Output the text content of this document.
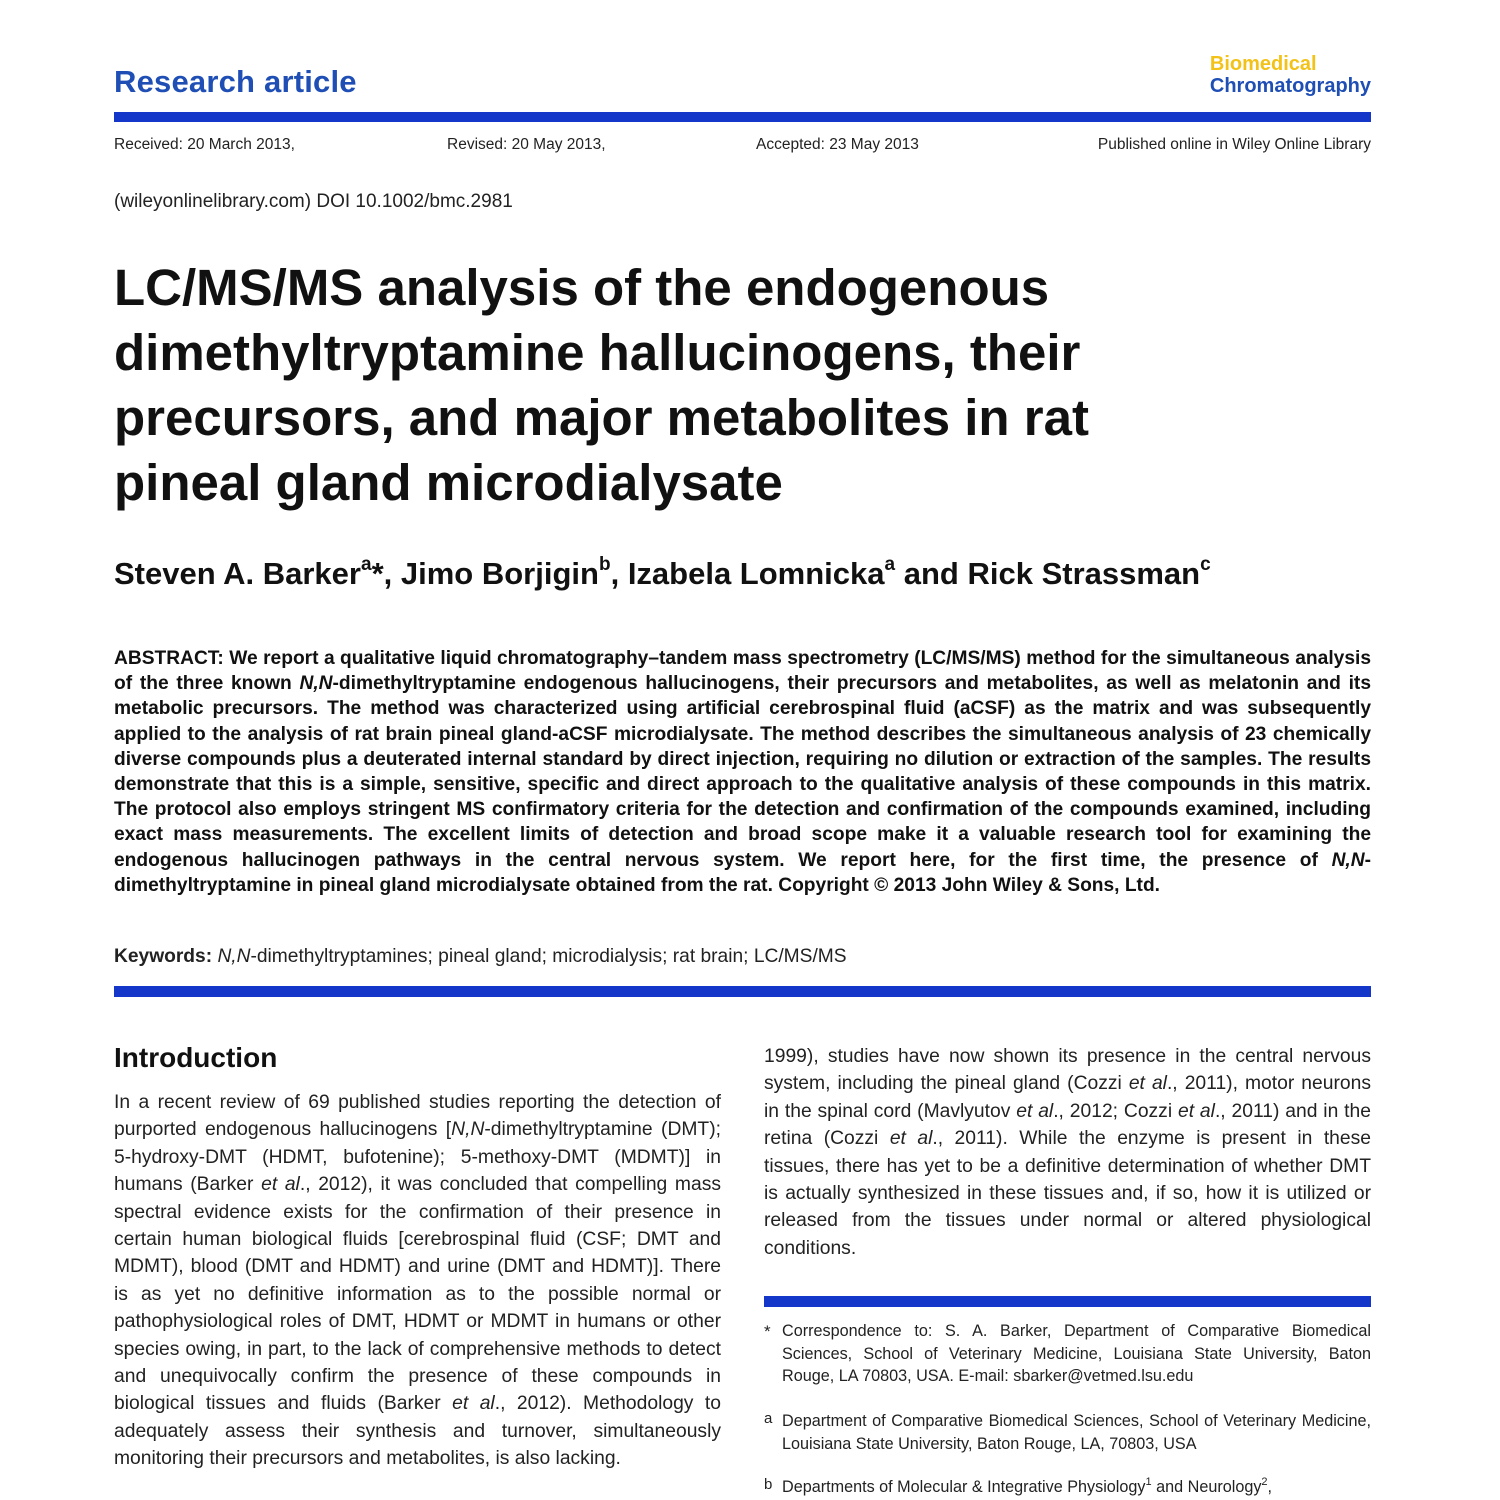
Research article	Biomedical
Chromatography
Received: 20 March 2013,	Revised: 20 May 2013,	Accepted: 23 May 2013	Published online in Wiley Online Library
(wileyonlinelibrary.com) DOI 10.1002/bmc.2981
LC/MS/MS analysis of the endogenous
dimethyltryptamine hallucinogens, their
precursors, and major metabolites in rat
pineal gland microdialysate
Steven A. Barker$^a$*, Jimo Borjigin$^b$, Izabela Lomnicka$^a$ and Rick Strassman$^c$
ABSTRACT: We report a qualitative liquid chromatography–tandem mass spectrometry (LC/MS/MS) method for the simultaneous analysis of the three known N,N-dimethyltryptamine endogenous hallucinogens, their precursors and metabolites, as well as melatonin and its metabolic precursors. The method was characterized using artificial cerebrospinal fluid (aCSF) as the matrix and was subsequently applied to the analysis of rat brain pineal gland-aCSF microdialysate. The method describes the simultaneous analysis of 23 chemically diverse compounds plus a deuterated internal standard by direct injection, requiring no dilution or extraction of the samples. The results demonstrate that this is a simple, sensitive, specific and direct approach to the qualitative analysis of these compounds in this matrix. The protocol also employs stringent MS confirmatory criteria for the detection and confirmation of the compounds examined, including exact mass measurements. The excellent limits of detection and broad scope make it a valuable research tool for examining the endogenous hallucinogen pathways in the central nervous system. We report here, for the first time, the presence of N,N-dimethyltryptamine in pineal gland microdialysate obtained from the rat. Copyright © 2013 John Wiley & Sons, Ltd.
Keywords: N,N-dimethyltryptamines; pineal gland; microdialysis; rat brain; LC/MS/MS
Introduction
In a recent review of 69 published studies reporting the detection of purported endogenous hallucinogens [N,N-dimethyltryptamine (DMT); 5-hydroxy-DMT (HDMT, bufotenine); 5-methoxy-DMT (MDMT)] in humans (Barker et al., 2012), it was concluded that compelling mass spectral evidence exists for the confirmation of their presence in certain human biological fluids [cerebrospinal fluid (CSF; DMT and MDMT), blood (DMT and HDMT) and urine (DMT and HDMT)]. There is as yet no definitive information as to the possible normal or pathophysiological roles of DMT, HDMT or MDMT in humans or other species owing, in part, to the lack of comprehensive methods to detect and unequivocally confirm the presence of these compounds in biological tissues and fluids (Barker et al., 2012). Methodology to adequately assess their synthesis and turnover, simultaneously monitoring their precursors and metabolites, is also lacking.
1999), studies have now shown its presence in the central nervous system, including the pineal gland (Cozzi et al., 2011), motor neurons in the spinal cord (Mavlyutov et al., 2012; Cozzi et al., 2011) and in the retina (Cozzi et al., 2011). While the enzyme is present in these tissues, there has yet to be a definitive determination of whether DMT is actually synthesized in these tissues and, if so, how it is utilized or released from the tissues under normal or altered physiological conditions.
* Correspondence to: S. A. Barker, Department of Comparative Biomedical Sciences, School of Veterinary Medicine, Louisiana State University, Baton Rouge, LA 70803, USA. E-mail: sbarker@vetmed.lsu.edu
a Department of Comparative Biomedical Sciences, School of Veterinary Medicine, Louisiana State University, Baton Rouge, LA, 70803, USA
b Departments of Molecular & Integrative Physiology$^1$ and Neurology$^2$,
